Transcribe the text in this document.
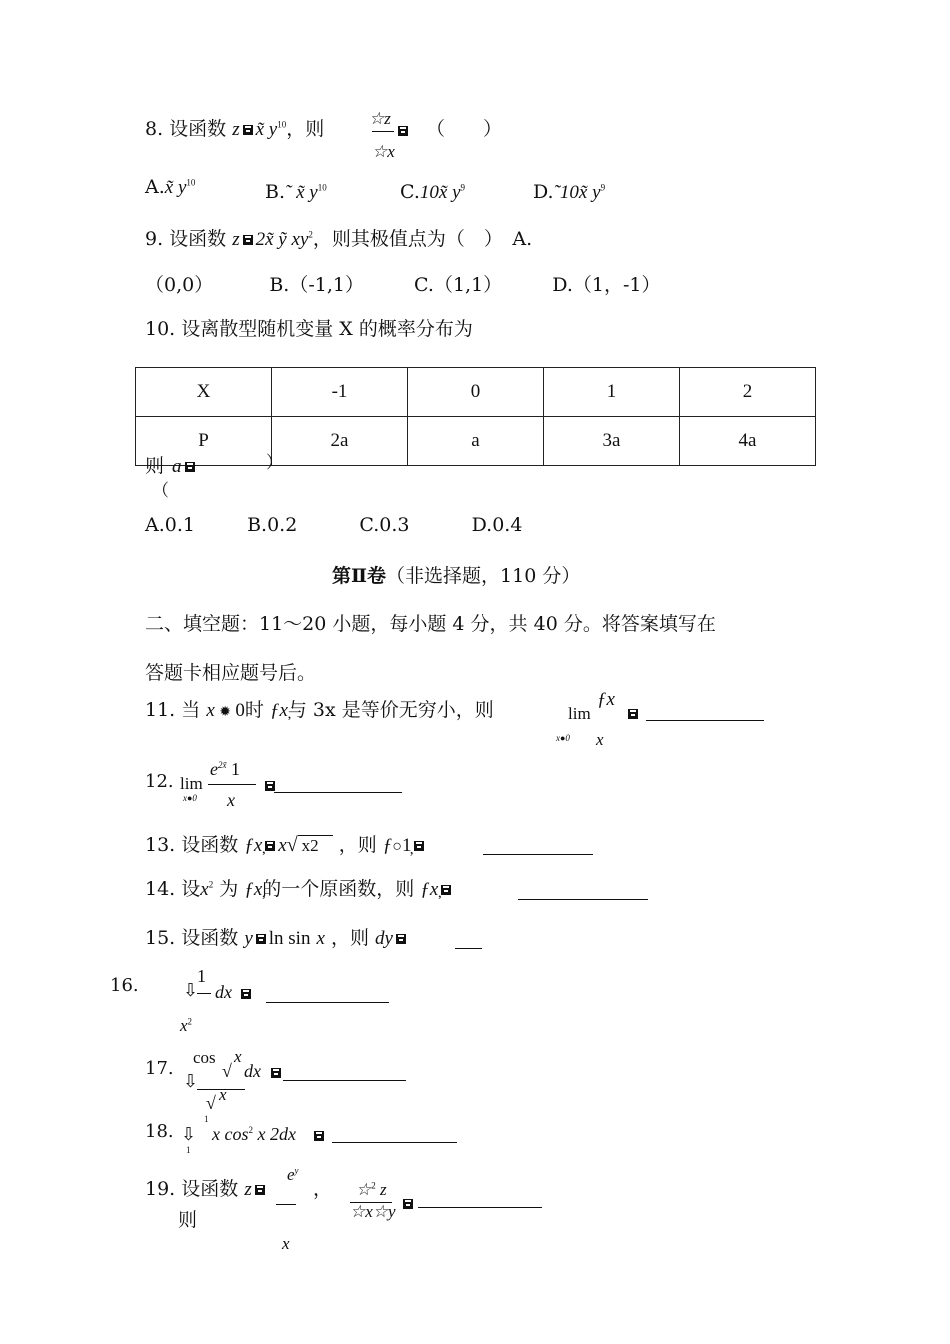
8. 设函数 z x̃ $y^{10}$，则	☆z
☆x
（　　）
A.x̃ $y^{10}$	B.˜ x̃ $y^{10}$	C.10x̃ $y^9$	D.˜10x̃ $y^9$
9. 设函数 z 2x̃ ỹ $xy^2$，则其极值点为（　）　A.
（0,0）	B.（-1,1）	C.（1,1）	D.（1，-1）
10. 设离散型随机变量 X 的概率分布为
X	-1	0	1	2
P	2a	a	3a	4a
则 a	）
（
A.0.1	B.0.2	C.0.3	D.0.4
第Ⅱ卷（非选择题，110 分）
二、填空题：11～20 小题，每小题 4 分，共 40 分。将答案填写在
答题卡相应题号后。
11. 当 x ✹ 0时 ƒx̦与 3x 是等价无穷小，则	lim
x●0
ƒx
x
12. lim
x●0
$e^{2x̃}$ 1
x
13. 设函数 ƒx̦ x√ x2 ，则 ƒ○1̦
14. 设$x^2$ 为 ƒx̦的一个原函数，则 ƒx̦
15. 设函数 y ln sin x ，则 dy
16. ⇩
1
dx
$x^2$
17.
cos x
√
⇩	dx
√ x
18. ⇩
1
1
x $\cos^2 x$ 2dx
19. 设函数 z
则
$e^y$
x
， ☆$^2$ z
☆x☆y
